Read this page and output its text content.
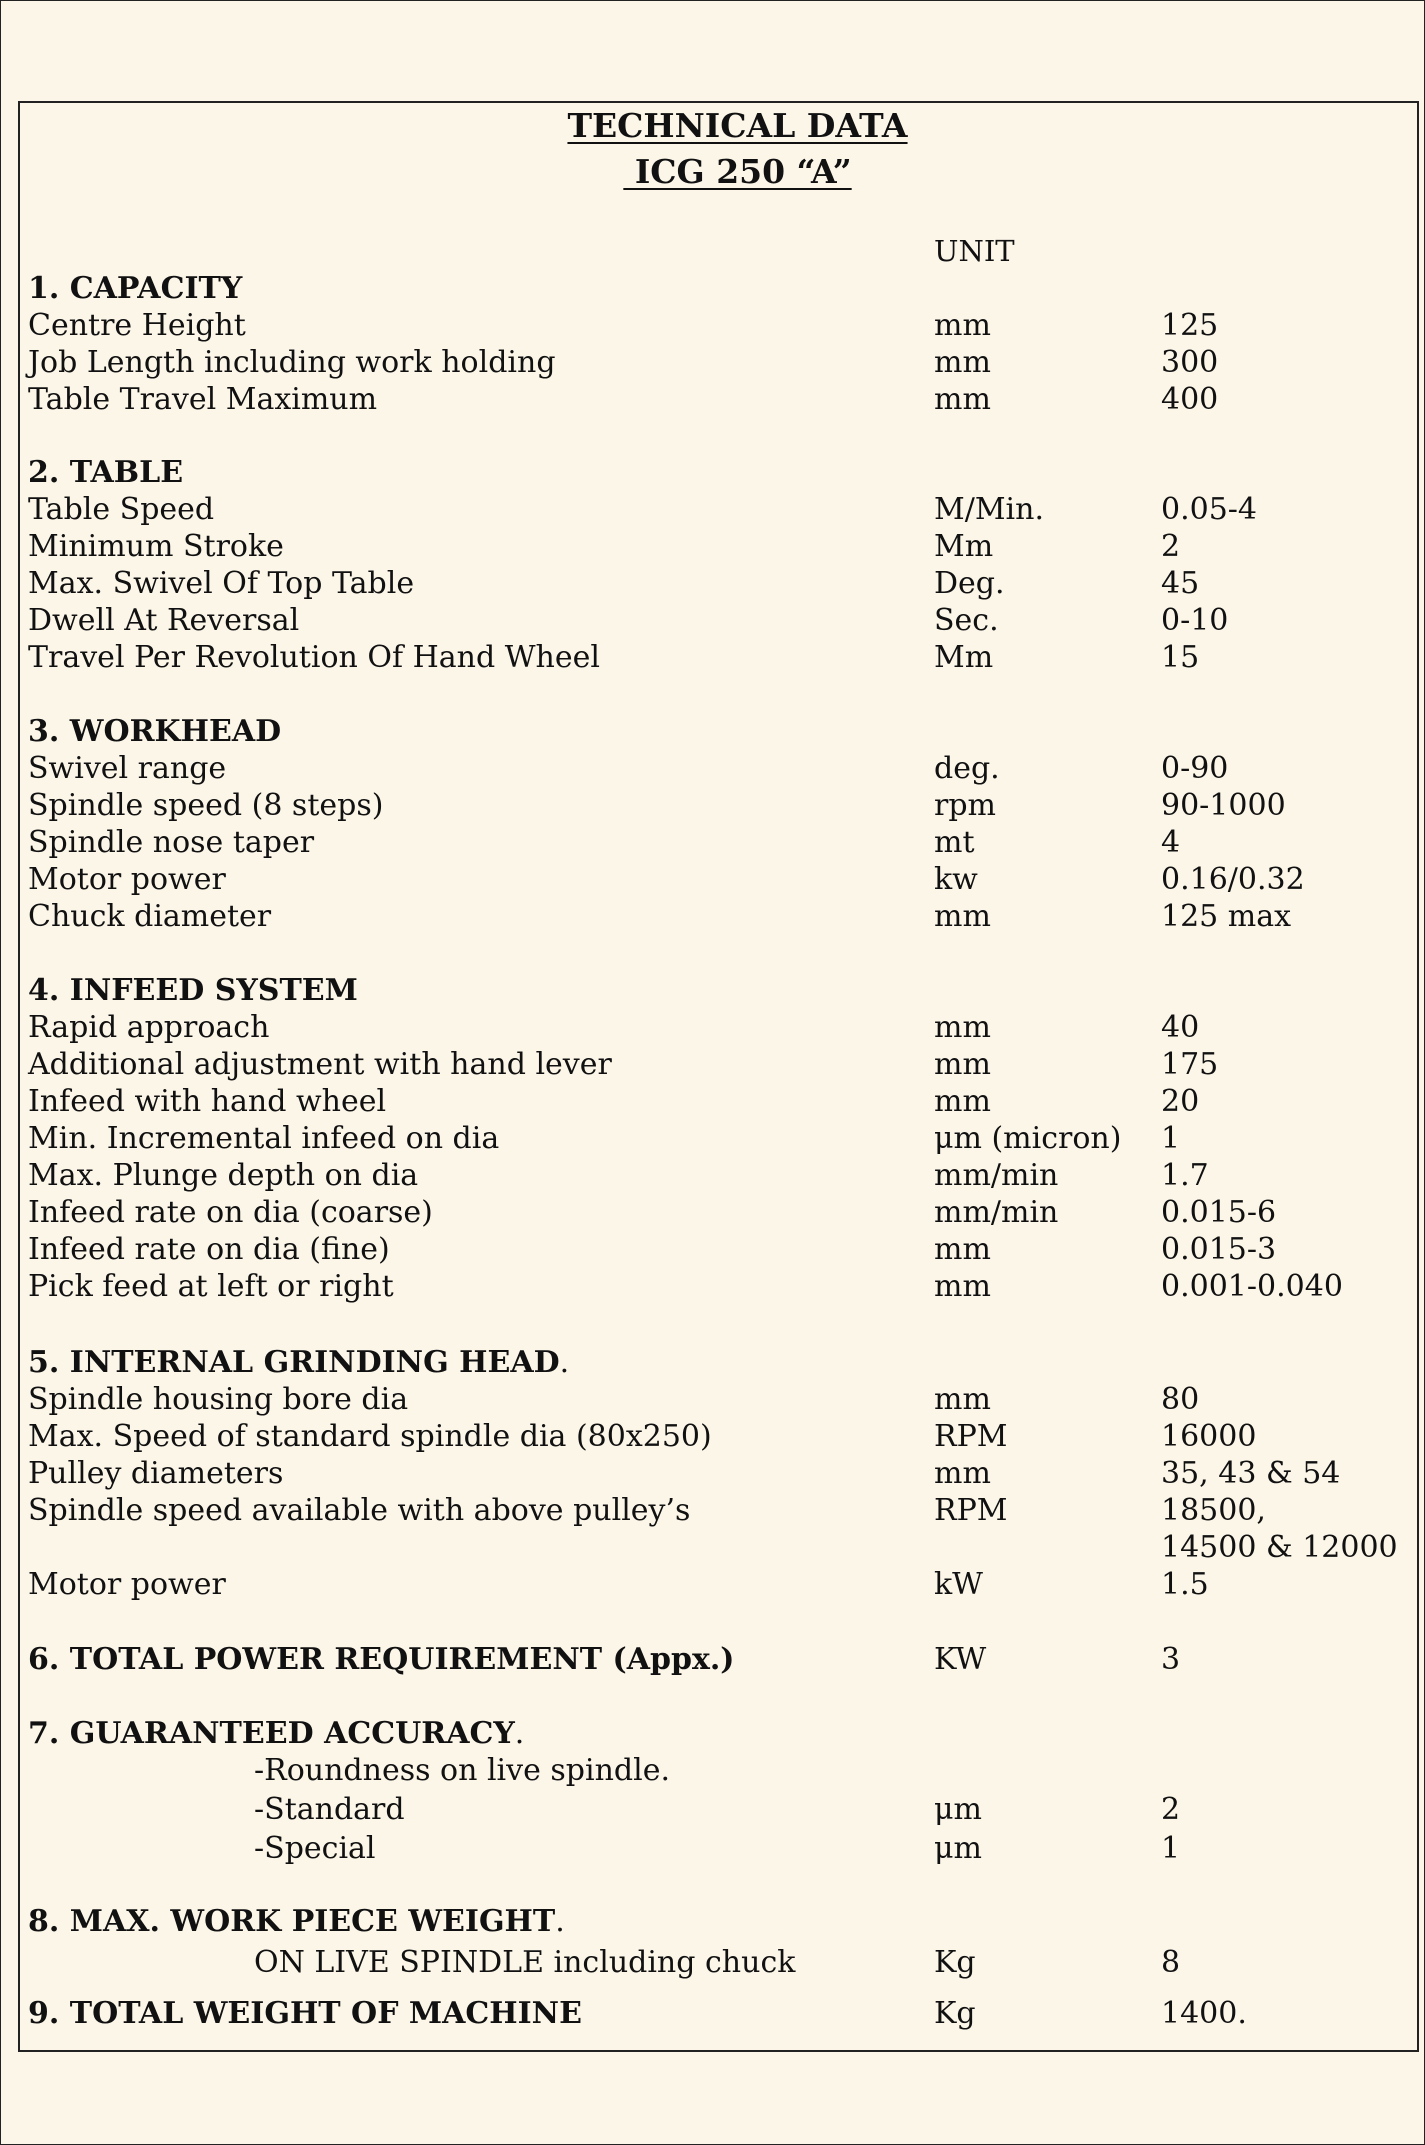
TECHNICAL DATA
ICG 250 “A”
UNIT
1. CAPACITY
Centre Height	mm	125
Job Length including work holding	mm	300
Table Travel Maximum	mm	400
2. TABLE
Table Speed	M/Min.	0.05-4
Minimum Stroke	Mm	2
Max. Swivel Of Top Table	Deg.	45
Dwell At Reversal	Sec.	0-10
Travel Per Revolution Of Hand Wheel	Mm	15
3. WORKHEAD
Swivel range	deg.	0-90
Spindle speed (8 steps)	rpm	90-1000
Spindle nose taper	mt	4
Motor power	kw	0.16/0.32
Chuck diameter	mm	125 max
4. INFEED SYSTEM
Rapid approach	mm	40
Additional adjustment with hand lever	mm	175
Infeed with hand wheel	mm	20
Min. Incremental infeed on dia	μm (micron) 1
Max. Plunge depth on dia	mm/min	1.7
Infeed rate on dia (coarse)	mm/min	0.015-6
Infeed rate on dia (fine)	mm	0.015-3
Pick feed at left or right	mm	0.001-0.040
5. INTERNAL GRINDING HEAD.
Spindle housing bore dia	mm	80
Max. Speed of standard spindle dia (80x250)	RPM	16000
Pulley diameters	mm	35, 43 & 54
Spindle speed available with above pulley’s	RPM	18500,
14500 & 12000
Motor power	kW	1.5
6. TOTAL POWER REQUIREMENT (Appx.)	KW	3
7. GUARANTEED ACCURACY.
-Roundness on live spindle.
-Standard	μm	2
-Special	μm	1
8. MAX. WORK PIECE WEIGHT.
ON LIVE SPINDLE including chuck	Kg	8
9. TOTAL WEIGHT OF MACHINE	Kg	1400.
